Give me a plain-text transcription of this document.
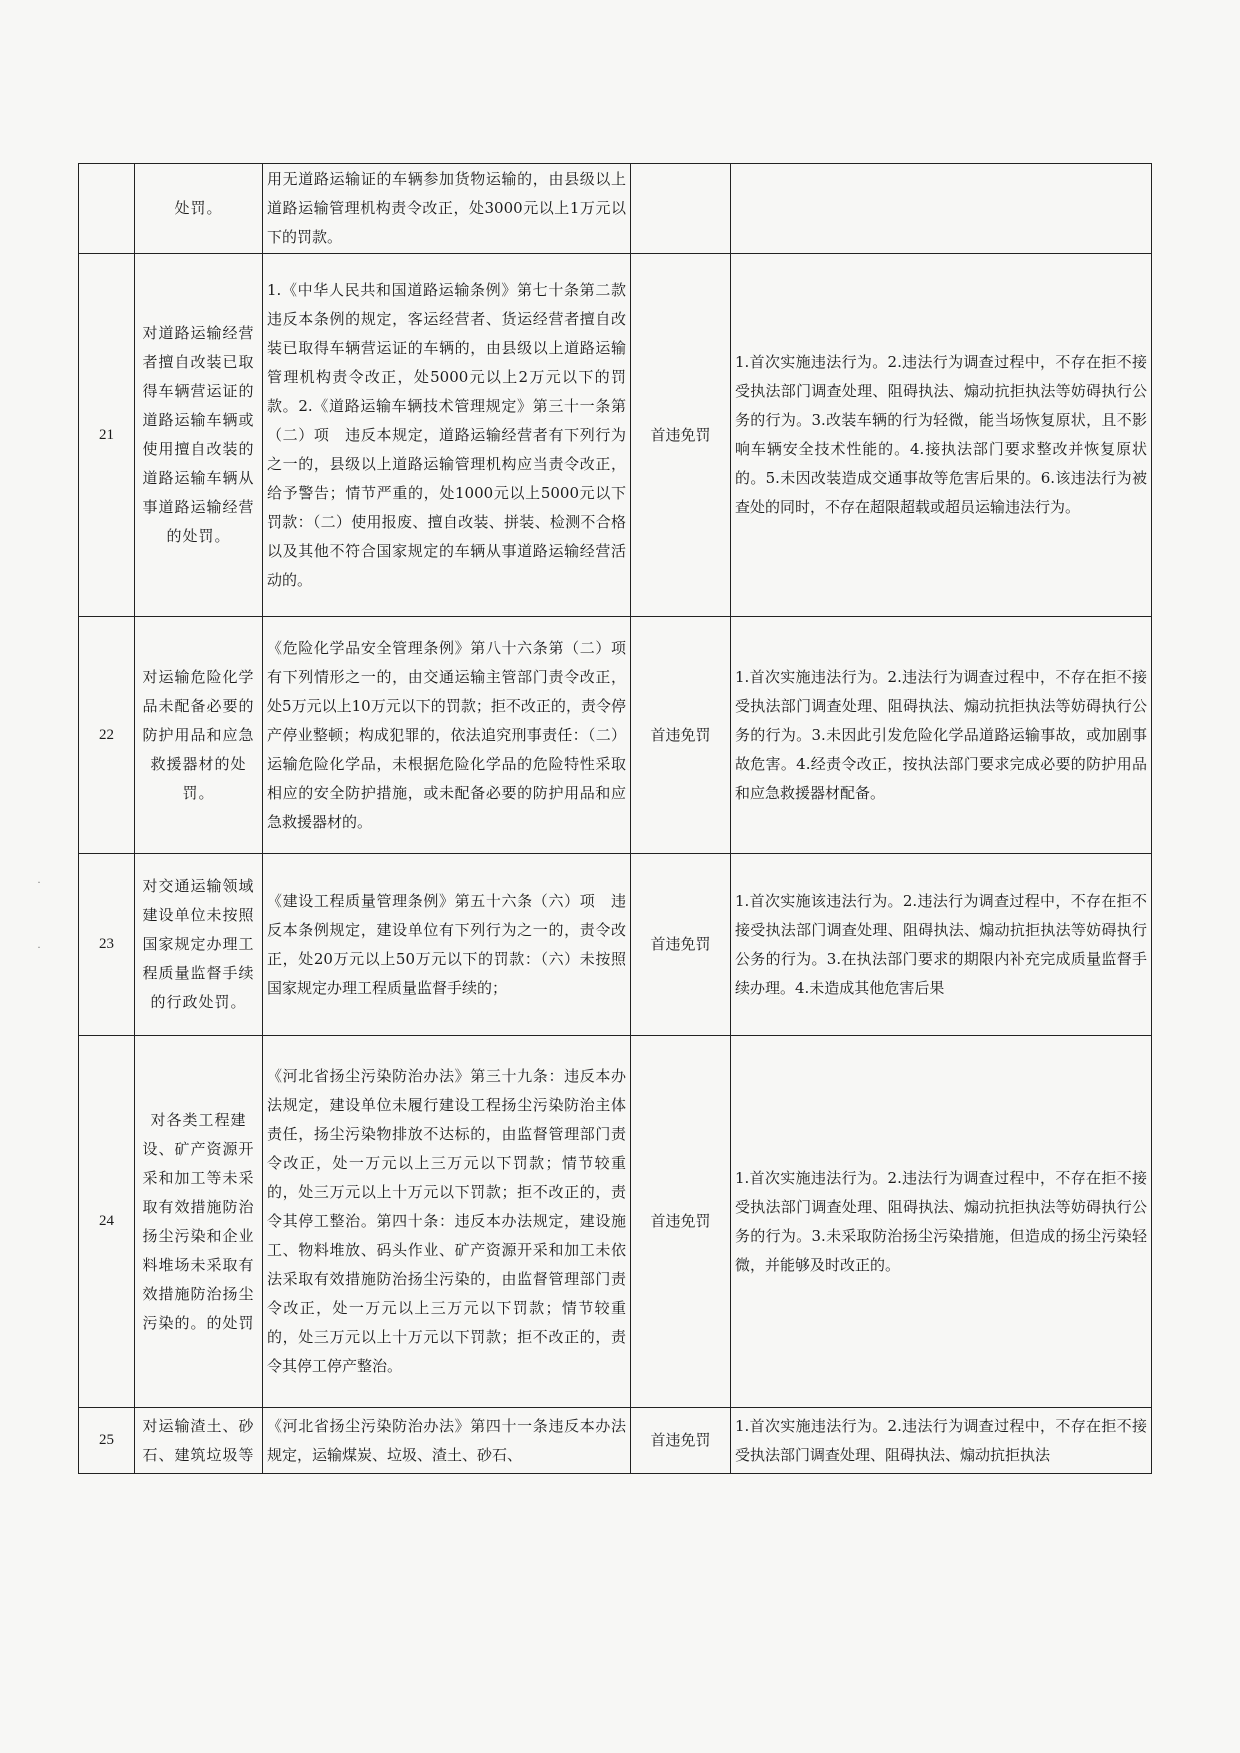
˙
˙
	处罚。	用无道路运输证的车辆参加货物运输的，由县级以上道路运输管理机构责令改正，处3000元以上1万元以下的罚款。		
21	对道路运输经营者擅自改装已取得车辆营运证的道路运输车辆或使用擅自改装的道路运输车辆从事道路运输经营的处罚。	1.《中华人民共和国道路运输条例》第七十条第二款　违反本条例的规定，客运经营者、货运经营者擅自改装已取得车辆营运证的车辆的，由县级以上道路运输管理机构责令改正，处5000元以上2万元以下的罚款。2.《道路运输车辆技术管理规定》第三十一条第（二）项　违反本规定，道路运输经营者有下列行为之一的，县级以上道路运输管理机构应当责令改正，给予警告；情节严重的，处1000元以上5000元以下罚款：（二）使用报废、擅自改装、拼装、检测不合格以及其他不符合国家规定的车辆从事道路运输经营活动的。	首违免罚	1.首次实施违法行为。2.违法行为调查过程中，不存在拒不接受执法部门调查处理、阻碍执法、煽动抗拒执法等妨碍执行公务的行为。3.改装车辆的行为轻微，能当场恢复原状，且不影响车辆安全技术性能的。4.接执法部门要求整改并恢复原状的。5.未因改装造成交通事故等危害后果的。6.该违法行为被查处的同时，不存在超限超载或超员运输违法行为。
22	对运输危险化学品未配备必要的防护用品和应急救援器材的处罚。	《危险化学品安全管理条例》第八十六条第（二）项　有下列情形之一的，由交通运输主管部门责令改正，处5万元以上10万元以下的罚款；拒不改正的，责令停产停业整顿；构成犯罪的，依法追究刑事责任：（二）运输危险化学品，未根据危险化学品的危险特性采取相应的安全防护措施，或未配备必要的防护用品和应急救援器材的。	首违免罚	1.首次实施违法行为。2.违法行为调查过程中，不存在拒不接受执法部门调查处理、阻碍执法、煽动抗拒执法等妨碍执行公务的行为。3.未因此引发危险化学品道路运输事故，或加剧事故危害。4.经责令改正，按执法部门要求完成必要的防护用品和应急救援器材配备。
23	对交通运输领域建设单位未按照国家规定办理工程质量监督手续的行政处罚。	《建设工程质量管理条例》第五十六条（六）项　违反本条例规定，建设单位有下列行为之一的，责令改正，处20万元以上50万元以下的罚款：（六）未按照国家规定办理工程质量监督手续的；	首违免罚	1.首次实施该违法行为。2.违法行为调查过程中，不存在拒不接受执法部门调查处理、阻碍执法、煽动抗拒执法等妨碍执行公务的行为。3.在执法部门要求的期限内补充完成质量监督手续办理。4.未造成其他危害后果
24	对各类工程建设、矿产资源开采和加工等未采取有效措施防治扬尘污染和企业料堆场未采取有效措施防治扬尘污染的。的处罚	《河北省扬尘污染防治办法》第三十九条：违反本办法规定，建设单位未履行建设工程扬尘污染防治主体责任，扬尘污染物排放不达标的，由监督管理部门责令改正，处一万元以上三万元以下罚款；情节较重的，处三万元以上十万元以下罚款；拒不改正的，责令其停工整治。第四十条：违反本办法规定，建设施工、物料堆放、码头作业、矿产资源开采和加工未依法采取有效措施防治扬尘污染的，由监督管理部门责令改正，处一万元以上三万元以下罚款；情节较重的，处三万元以上十万元以下罚款；拒不改正的，责令其停工停产整治。	首违免罚	1.首次实施违法行为。2.违法行为调查过程中，不存在拒不接受执法部门调查处理、阻碍执法、煽动抗拒执法等妨碍执行公务的行为。3.未采取防治扬尘污染措施，但造成的扬尘污染轻微，并能够及时改正的。
25	对运输渣土、砂石、建筑垃圾等	《河北省扬尘污染防治办法》第四十一条违反本办法规定，运输煤炭、垃圾、渣土、砂石、	首违免罚	1.首次实施违法行为。2.违法行为调查过程中，不存在拒不接受执法部门调查处理、阻碍执法、煽动抗拒执法
